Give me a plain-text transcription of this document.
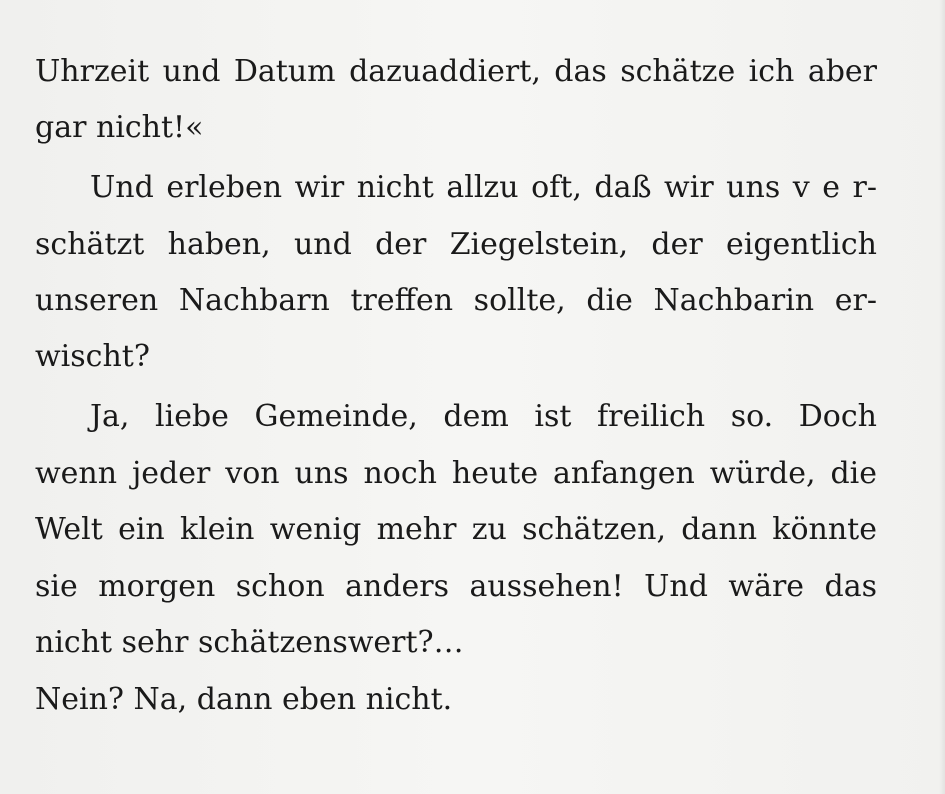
Uhrzeit und Datum dazuaddiert, das schätze ich aber
gar nicht!«
Und erleben wir nicht allzu oft, daß wir uns v e r-
schätzt haben, und der Ziegelstein, der eigentlich
unseren Nachbarn treffen sollte, die Nachbarin er-
wischt?
Ja, liebe Gemeinde, dem ist freilich so. Doch
wenn jeder von uns noch heute anfangen würde, die
Welt ein klein wenig mehr zu schätzen, dann könnte
sie morgen schon anders aussehen! Und wäre das
nicht sehr schätzenswert?…
Nein? Na, dann eben nicht.
